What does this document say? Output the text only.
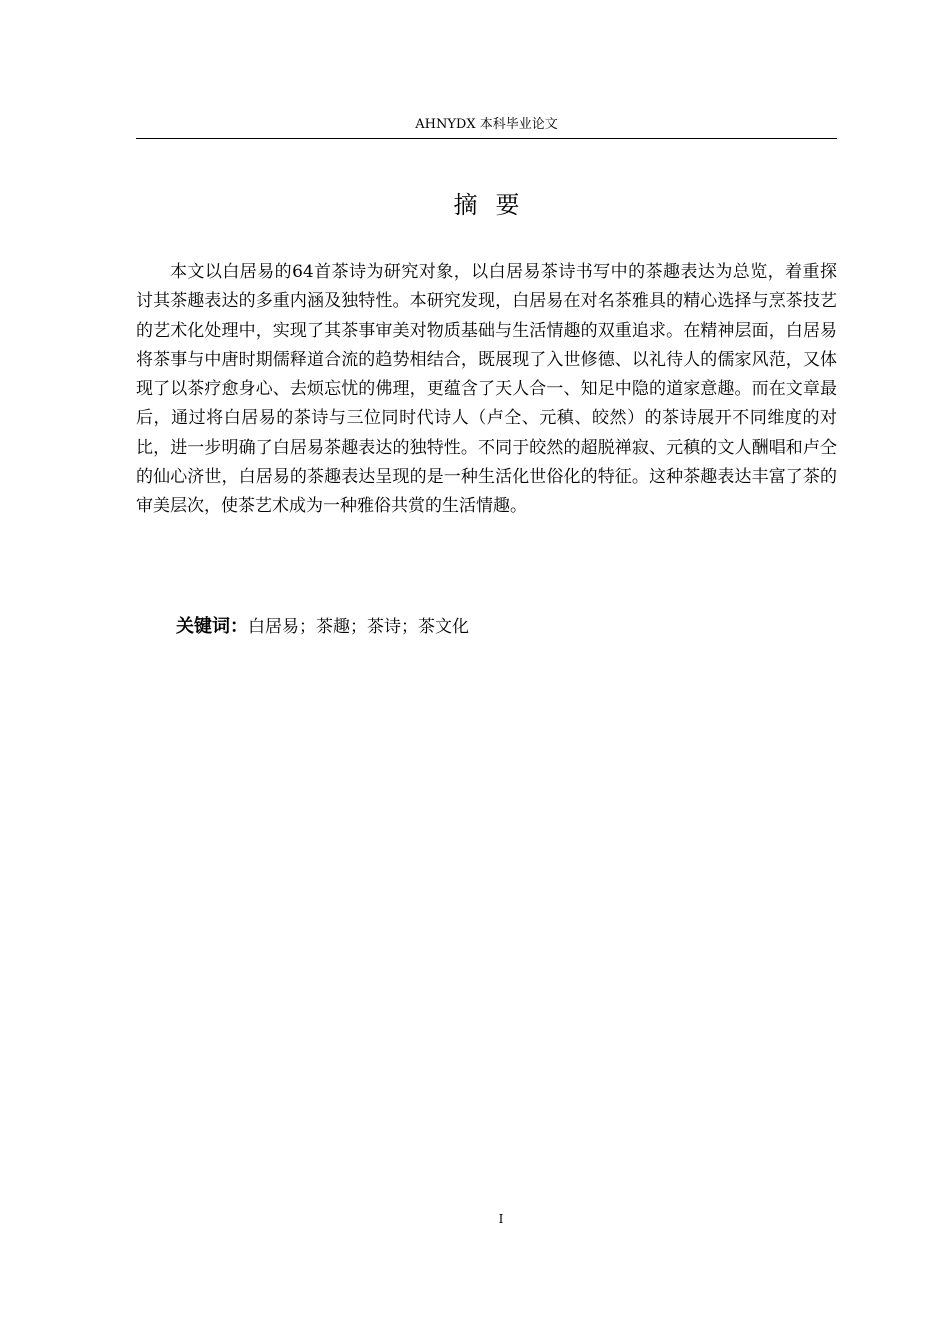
AHNYDX 本科毕业论文
摘要

本文以白居易的64首茶诗为研究对象，以白居易茶诗书写中的茶趣表达为总览，着重探讨其茶趣表达的多重内涵及独特性。本研究发现，白居易在对名茶雅具的精心选择与烹茶技艺的艺术化处理中，实现了其茶事审美对物质基础与生活情趣的双重追求。在精神层面，白居易将茶事与中唐时期儒释道合流的趋势相结合，既展现了入世修德、以礼待人的儒家风范，又体现了以茶疗愈身心、去烦忘忧的佛理，更蕴含了天人合一、知足中隐的道家意趣。而在文章最后，通过将白居易的茶诗与三位同时代诗人（卢仝、元稹、皎然）的茶诗展开不同维度的对比，进一步明确了白居易茶趣表达的独特性。不同于皎然的超脱禅寂、元稹的文人酬唱和卢仝的仙心济世，白居易的茶趣表达呈现的是一种生活化世俗化的特征。这种茶趣表达丰富了茶的审美层次，使茶艺术成为一种雅俗共赏的生活情趣。

关键词：白居易；茶趣；茶诗；茶文化
I
